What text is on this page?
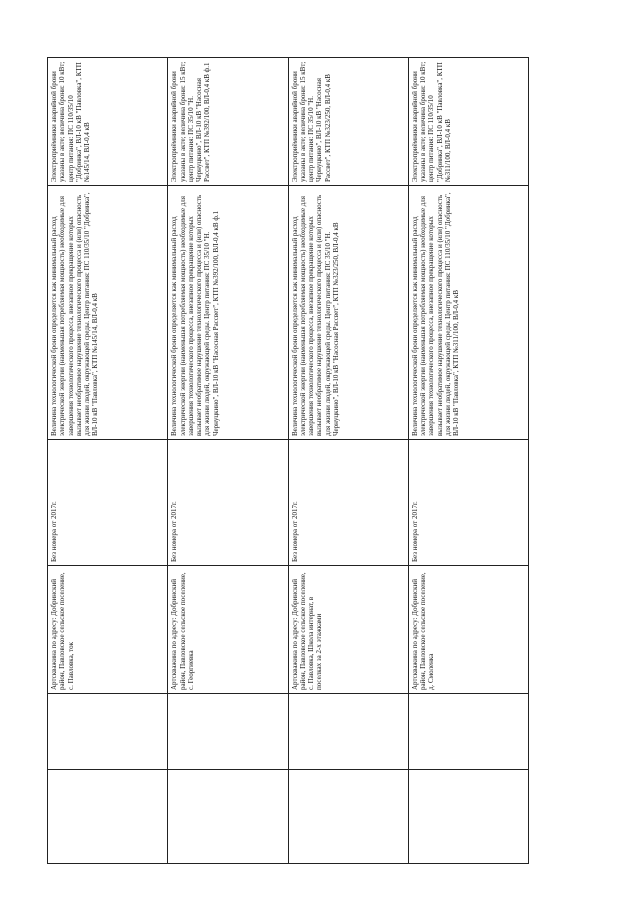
		Артскважина по адресу: Добринский район, Павловское сельское поселение, с. Павловка, ток	Без номера от 2017г.	Величина технологической брони определяется как минимальный расход электрической энергии (наименьшая потребляемая мощность) необходимые для завершения технологического процесса, внезапное прекращение которых вызывает необратимое нарушение технологического процесса и (или) опасность для жизни людей, окружающей среды. Центр питания: ПС 110/35/10 "Добринка", ВЛ-10 кВ "Павловка", КТП №145/14, ВЛ-0,4 кВ	Электроприёмники аварийной брони указаны в акте; величина брони: 10 кВт; центр питания: ПС 110/35/10 "Добринка", ВЛ-10 кВ "Павловка", КТП №145/14, ВЛ-0,4 кВ
		Артскважина по адресу: Добринский район, Павловское сельское поселение, с. Георгиевка	Без номера от 2017г.	Величина технологической брони определяется как минимальный расход электрической энергии (наименьшая потребляемая мощность) необходимые для завершения технологического процесса, внезапное прекращение которых вызывает необратимое нарушение технологического процесса и (или) опасность для жизни людей, окружающей среды. Центр питания: ПС 35/10 "Н. Чернуцкино", ВЛ-10 кВ "Насосная Рассвет", КТП №392/100, ВЛ-0,4 кВ ф.1	Электроприёмники аварийной брони указаны в акте; величина брони: 15 кВт; центр питания: ПС 35/10 "Н. Чернуцкино", ВЛ-10 кВ "Насосная Рассвет", КТП №392/100, ВЛ-0,4 кВ ф.1
		Артскважина по адресу: Добринский район, Павловское сельское поселение, с. Павловка, Школа интернат, в поселках за 2-х этажками	Без номера от 2017г.	Величина технологической брони определяется как минимальный расход электрической энергии (наименьшая потребляемая мощность) необходимые для завершения технологического процесса, внезапное прекращение которых вызывает необратимое нарушение технологического процесса и (или) опасность для жизни людей, окружающей среды. Центр питания: ПС 35/10 "Н. Чернуцкино", ВЛ-10 кВ "Насосная Рассвет", КТП №323/250, ВЛ-0,4 кВ	Электроприёмники аварийной брони указаны в акте; величина брони: 15 кВт; центр питания: ПС 35/10 "Н. Чернуцкино", ВЛ-10 кВ "Насосная Рассвет", КТП №323/250, ВЛ-0,4 кВ
		Артскважина по адресу: Добринский район, Павловское сельское поселение, д. Смоленка	Без номера от 2017г.	Величина технологической брони определяется как минимальный расход электрической энергии (наименьшая потребляемая мощность) необходимые для завершения технологического процесса, внезапное прекращение которых вызывает необратимое нарушение технологического процесса и (или) опасность для жизни людей, окружающей среды. Центр питания: ПС 110/35/10 "Добринка", ВЛ-10 кВ "Павловка", КТП №311/100, ВЛ-0,4 кВ	Электроприёмники аварийной брони указаны в акте; величина брони: 10 кВт; центр питания: ПС 110/35/10 "Добринка", ВЛ-10 кВ "Павловка", КТП №311/100, ВЛ-0,4 кВ
